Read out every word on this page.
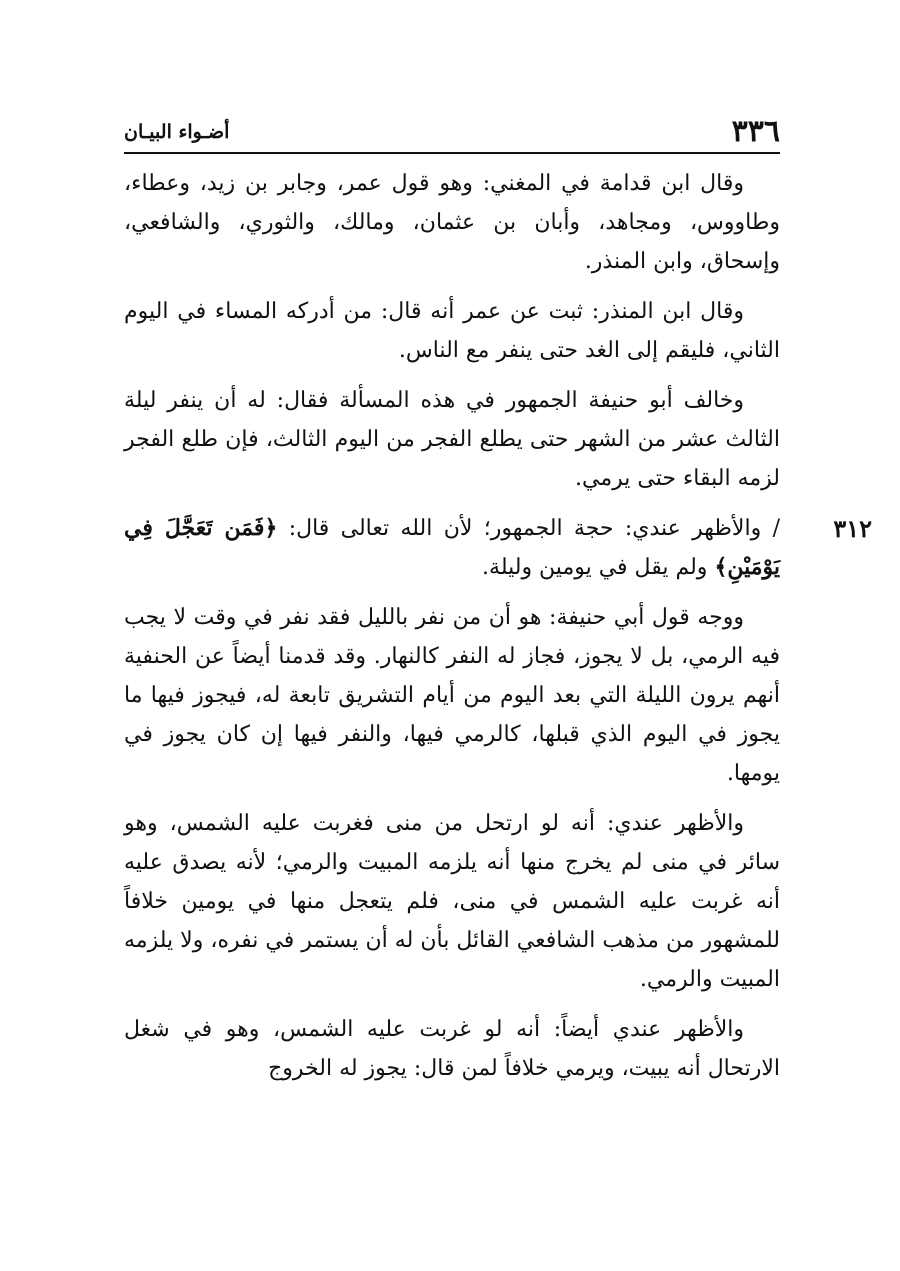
٣٣٦
أضـواء البيـان

وقال ابن قدامة في المغني: وهو قول عمر، وجابر بن زيد، وعطاء، وطاووس، ومجاهد، وأبان بن عثمان، ومالك، والثوري، والشافعي، وإسحاق، وابن المنذر.

وقال ابن المنذر: ثبت عن عمر أنه قال: من أدركه المساء في اليوم الثاني، فليقم إلى الغد حتى ينفر مع الناس.

وخالف أبو حنيفة الجمهور في هذه المسألة فقال: له أن ينفر ليلة الثالث عشر من الشهر حتى يطلع الفجر من اليوم الثالث، فإن طلع الفجر لزمه البقاء حتى يرمي.

٣١٢
/ والأظهر عندي: حجة الجمهور؛ لأن الله تعالى قال: ﴿فَمَن تَعَجَّلَ فِي يَوْمَيْنِ﴾ ولم يقل في يومين وليلة.

ووجه قول أبي حنيفة: هو أن من نفر بالليل فقد نفر في وقت لا يجب فيه الرمي، بل لا يجوز، فجاز له النفر كالنهار. وقد قدمنا أيضاً عن الحنفية أنهم يرون الليلة التي بعد اليوم من أيام التشريق تابعة له، فيجوز فيها ما يجوز في اليوم الذي قبلها، كالرمي فيها، والنفر فيها إن كان يجوز في يومها.

والأظهر عندي: أنه لو ارتحل من منى فغربت عليه الشمس، وهو سائر في منى لم يخرج منها أنه يلزمه المبيت والرمي؛ لأنه يصدق عليه أنه غربت عليه الشمس في منى، فلم يتعجل منها في يومين خلافاً للمشهور من مذهب الشافعي القائل بأن له أن يستمر في نفره، ولا يلزمه المبيت والرمي.

والأظهر عندي أيضاً: أنه لو غربت عليه الشمس، وهو في شغل الارتحال أنه يبيت، ويرمي خلافاً لمن قال: يجوز له الخروج
